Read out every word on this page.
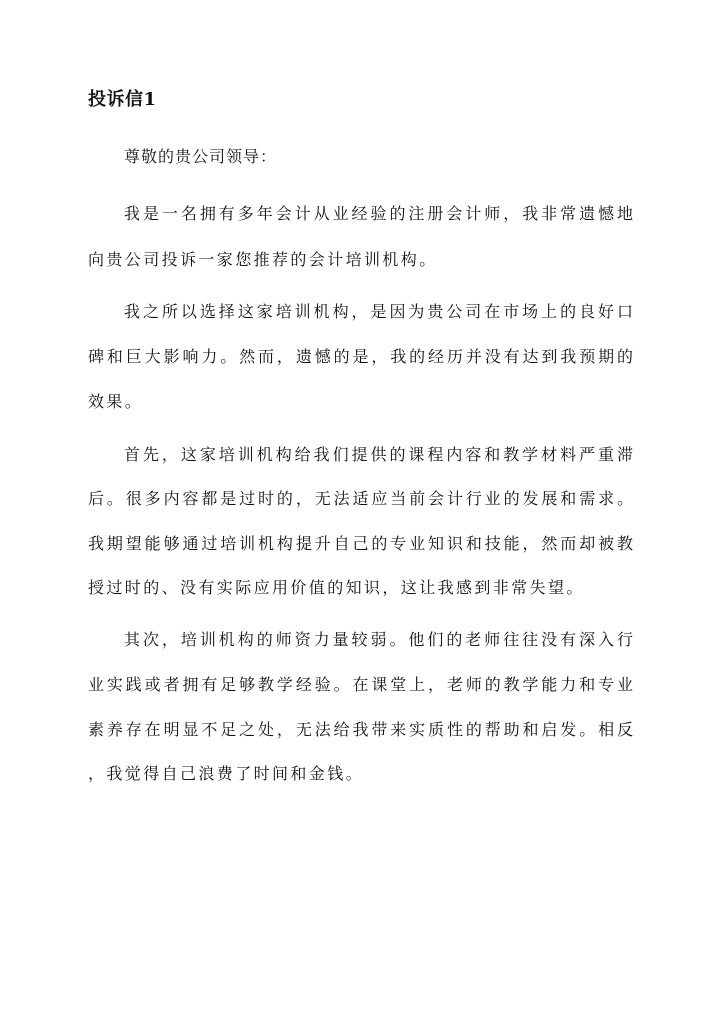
投诉信1
尊敬的贵公司领导：
我是一名拥有多年会计从业经验的注册会计师，我非常遗憾地
向贵公司投诉一家您推荐的会计培训机构。
我之所以选择这家培训机构，是因为贵公司在市场上的良好口
碑和巨大影响力。然而，遗憾的是，我的经历并没有达到我预期的
效果。
首先，这家培训机构给我们提供的课程内容和教学材料严重滞
后。很多内容都是过时的，无法适应当前会计行业的发展和需求。
我期望能够通过培训机构提升自己的专业知识和技能，然而却被教
授过时的、没有实际应用价值的知识，这让我感到非常失望。
其次，培训机构的师资力量较弱。他们的老师往往没有深入行
业实践或者拥有足够教学经验。在课堂上，老师的教学能力和专业
素养存在明显不足之处，无法给我带来实质性的帮助和启发。相反
，我觉得自己浪费了时间和金钱。
